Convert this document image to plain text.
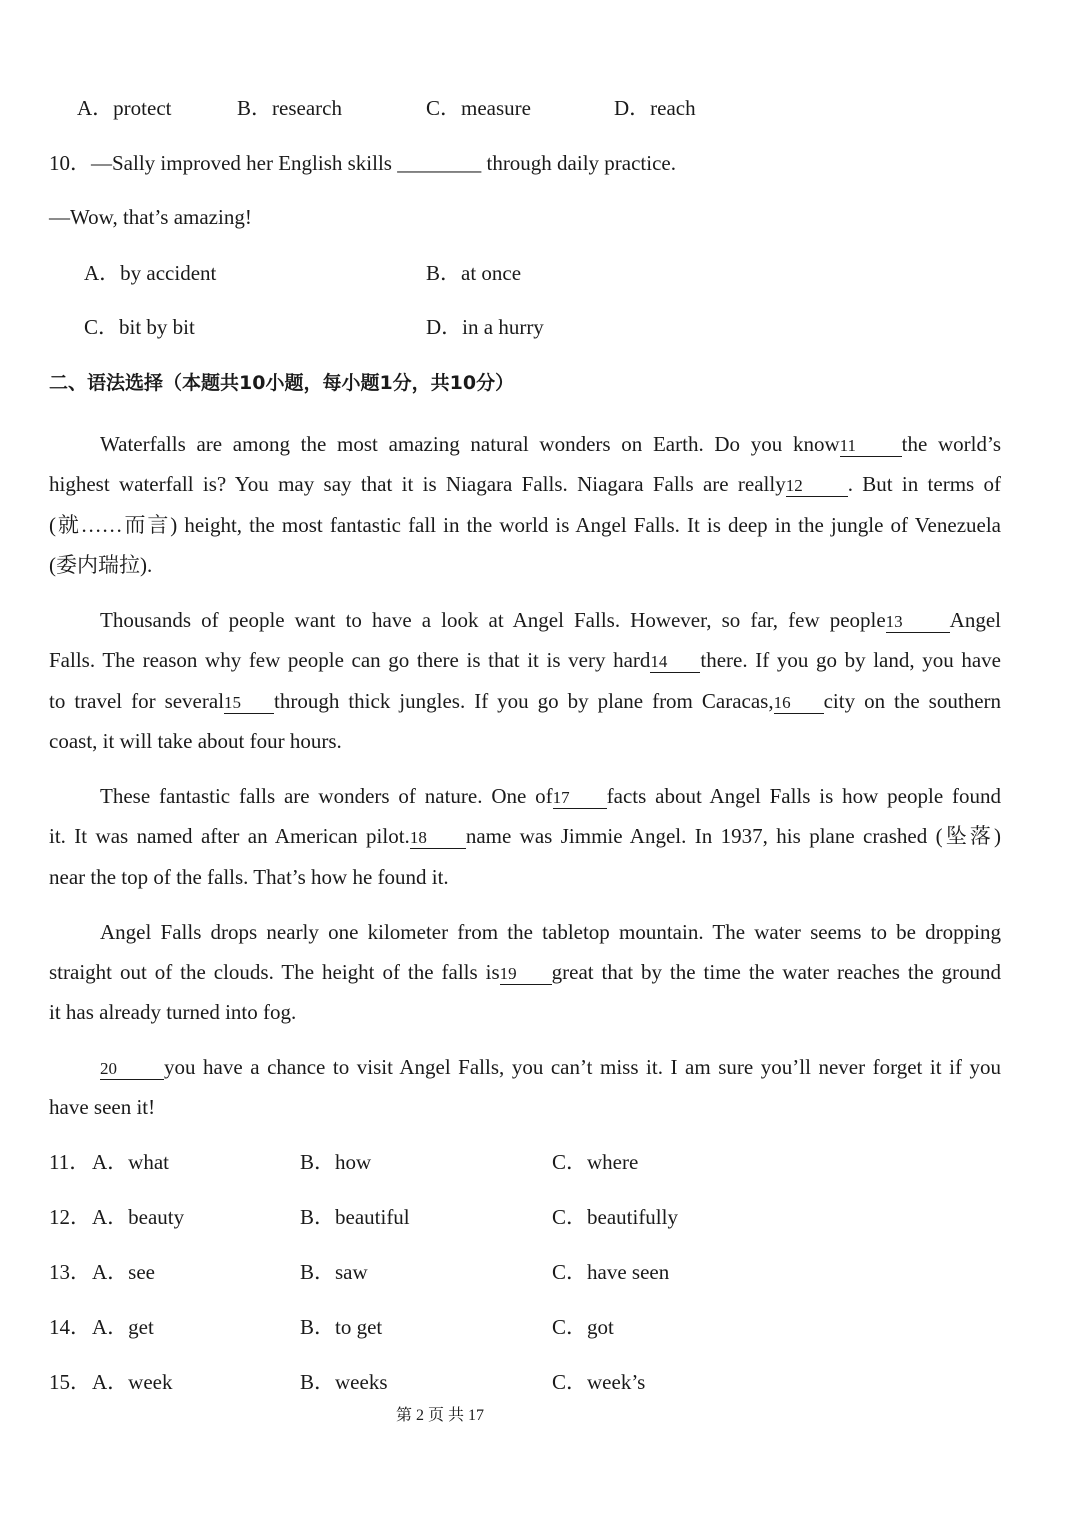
A．protect	B．research	C．measure	D．reach
10．—Sally improved her English skills ________ through daily practice.
—Wow, that’s amazing!
A．by accident	B．at once
C．bit by bit	D．in a hurry
二、语法选择（本题共10小题，每小题1分，共10分）
Waterfalls are among the most amazing natural wonders on Earth. Do you know11 the world’s
highest waterfall is? You may say that it is Niagara Falls. Niagara Falls are really12 . But in terms of
(就……而言) height, the most fantastic fall in the world is Angel Falls. It is deep in the jungle of Venezuela
(委内瑞拉).
Thousands of people want to have a look at Angel Falls. However, so far, few people13 Angel
Falls. The reason why few people can go there is that it is very hard14 there. If you go by land, you have
to travel for several15 through thick jungles. If you go by plane from Caracas,16 city on the southern
coast, it will take about four hours.
These fantastic falls are wonders of nature. One of17 facts about Angel Falls is how people found
it. It was named after an American pilot.18 name was Jimmie Angel. In 1937, his plane crashed (坠落)
near the top of the falls. That’s how he found it.
Angel Falls drops nearly one kilometer from the tabletop mountain. The water seems to be dropping
straight out of the clouds. The height of the falls is19 great that by the time the water reaches the ground
it has already turned into fog.
20 you have a chance to visit Angel Falls, you can’t miss it. I am sure you’ll never forget it if you
have seen it!
11． A．what	B．how	C．where
12． A．beauty	B．beautiful	C．beautifully
13． A．see	B．saw	C．have seen
14． A．get	B．to get	C．got
15． A．week	B．weeks	C．week’s
第 2 页 共 17
